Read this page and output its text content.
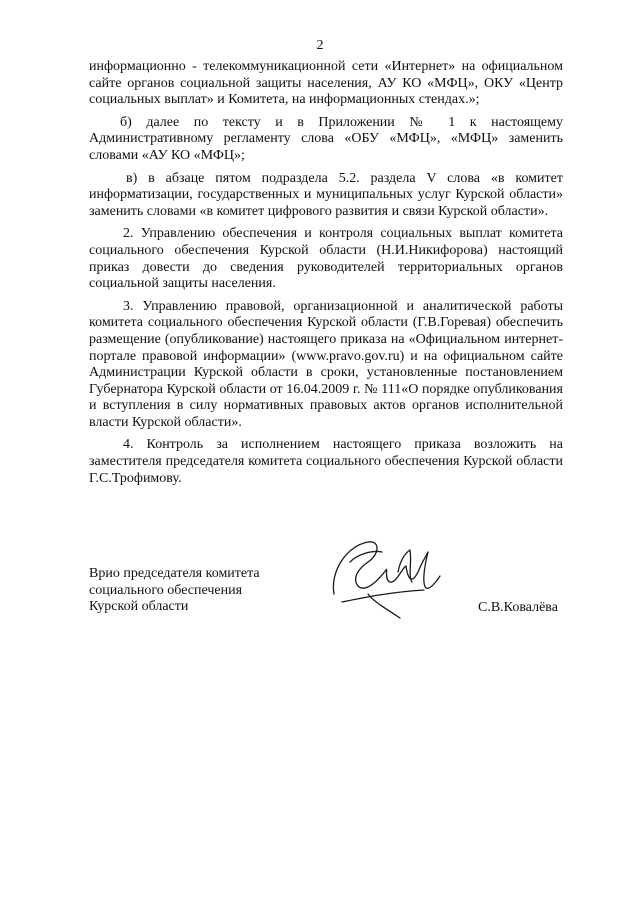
2

информационно - телекоммуникационной сети «Интернет» на официальном сайте органов социальной защиты населения, АУ КО «МФЦ», ОКУ «Центр социальных выплат» и Комитета, на информационных стендах.»;

б) далее по тексту и в Приложении № 1 к настоящему Административному регламенту слова «ОБУ «МФЦ», «МФЦ» заменить словами «АУ КО «МФЦ»;

в) в абзаце пятом подраздела 5.2. раздела V слова «в комитет информатизации, государственных и муниципальных услуг Курской области» заменить словами «в комитет цифрового развития и связи Курской области».

2. Управлению обеспечения и контроля социальных выплат комитета социального обеспечения Курской области (Н.И.Никифорова) настоящий приказ довести до сведения руководителей территориальных органов социальной защиты населения.

3. Управлению правовой, организационной и аналитической работы комитета социального обеспечения Курской области (Г.В.Горевая) обеспечить размещение (опубликование) настоящего приказа на «Официальном интернет-портале правовой информации» (www.pravo.gov.ru) и на официальном сайте Администрации Курской области в сроки, установленные постановлением Губернатора Курской области от 16.04.2009 г. № 111«О порядке опубликования и вступления в силу нормативных правовых актов органов исполнительной власти Курской области».

4. Контроль за исполнением настоящего приказа возложить на заместителя председателя комитета социального обеспечения Курской области Г.С.Трофимову.

Врио председателя комитета
социального обеспечения
Курской области	С.В.Ковалёва
